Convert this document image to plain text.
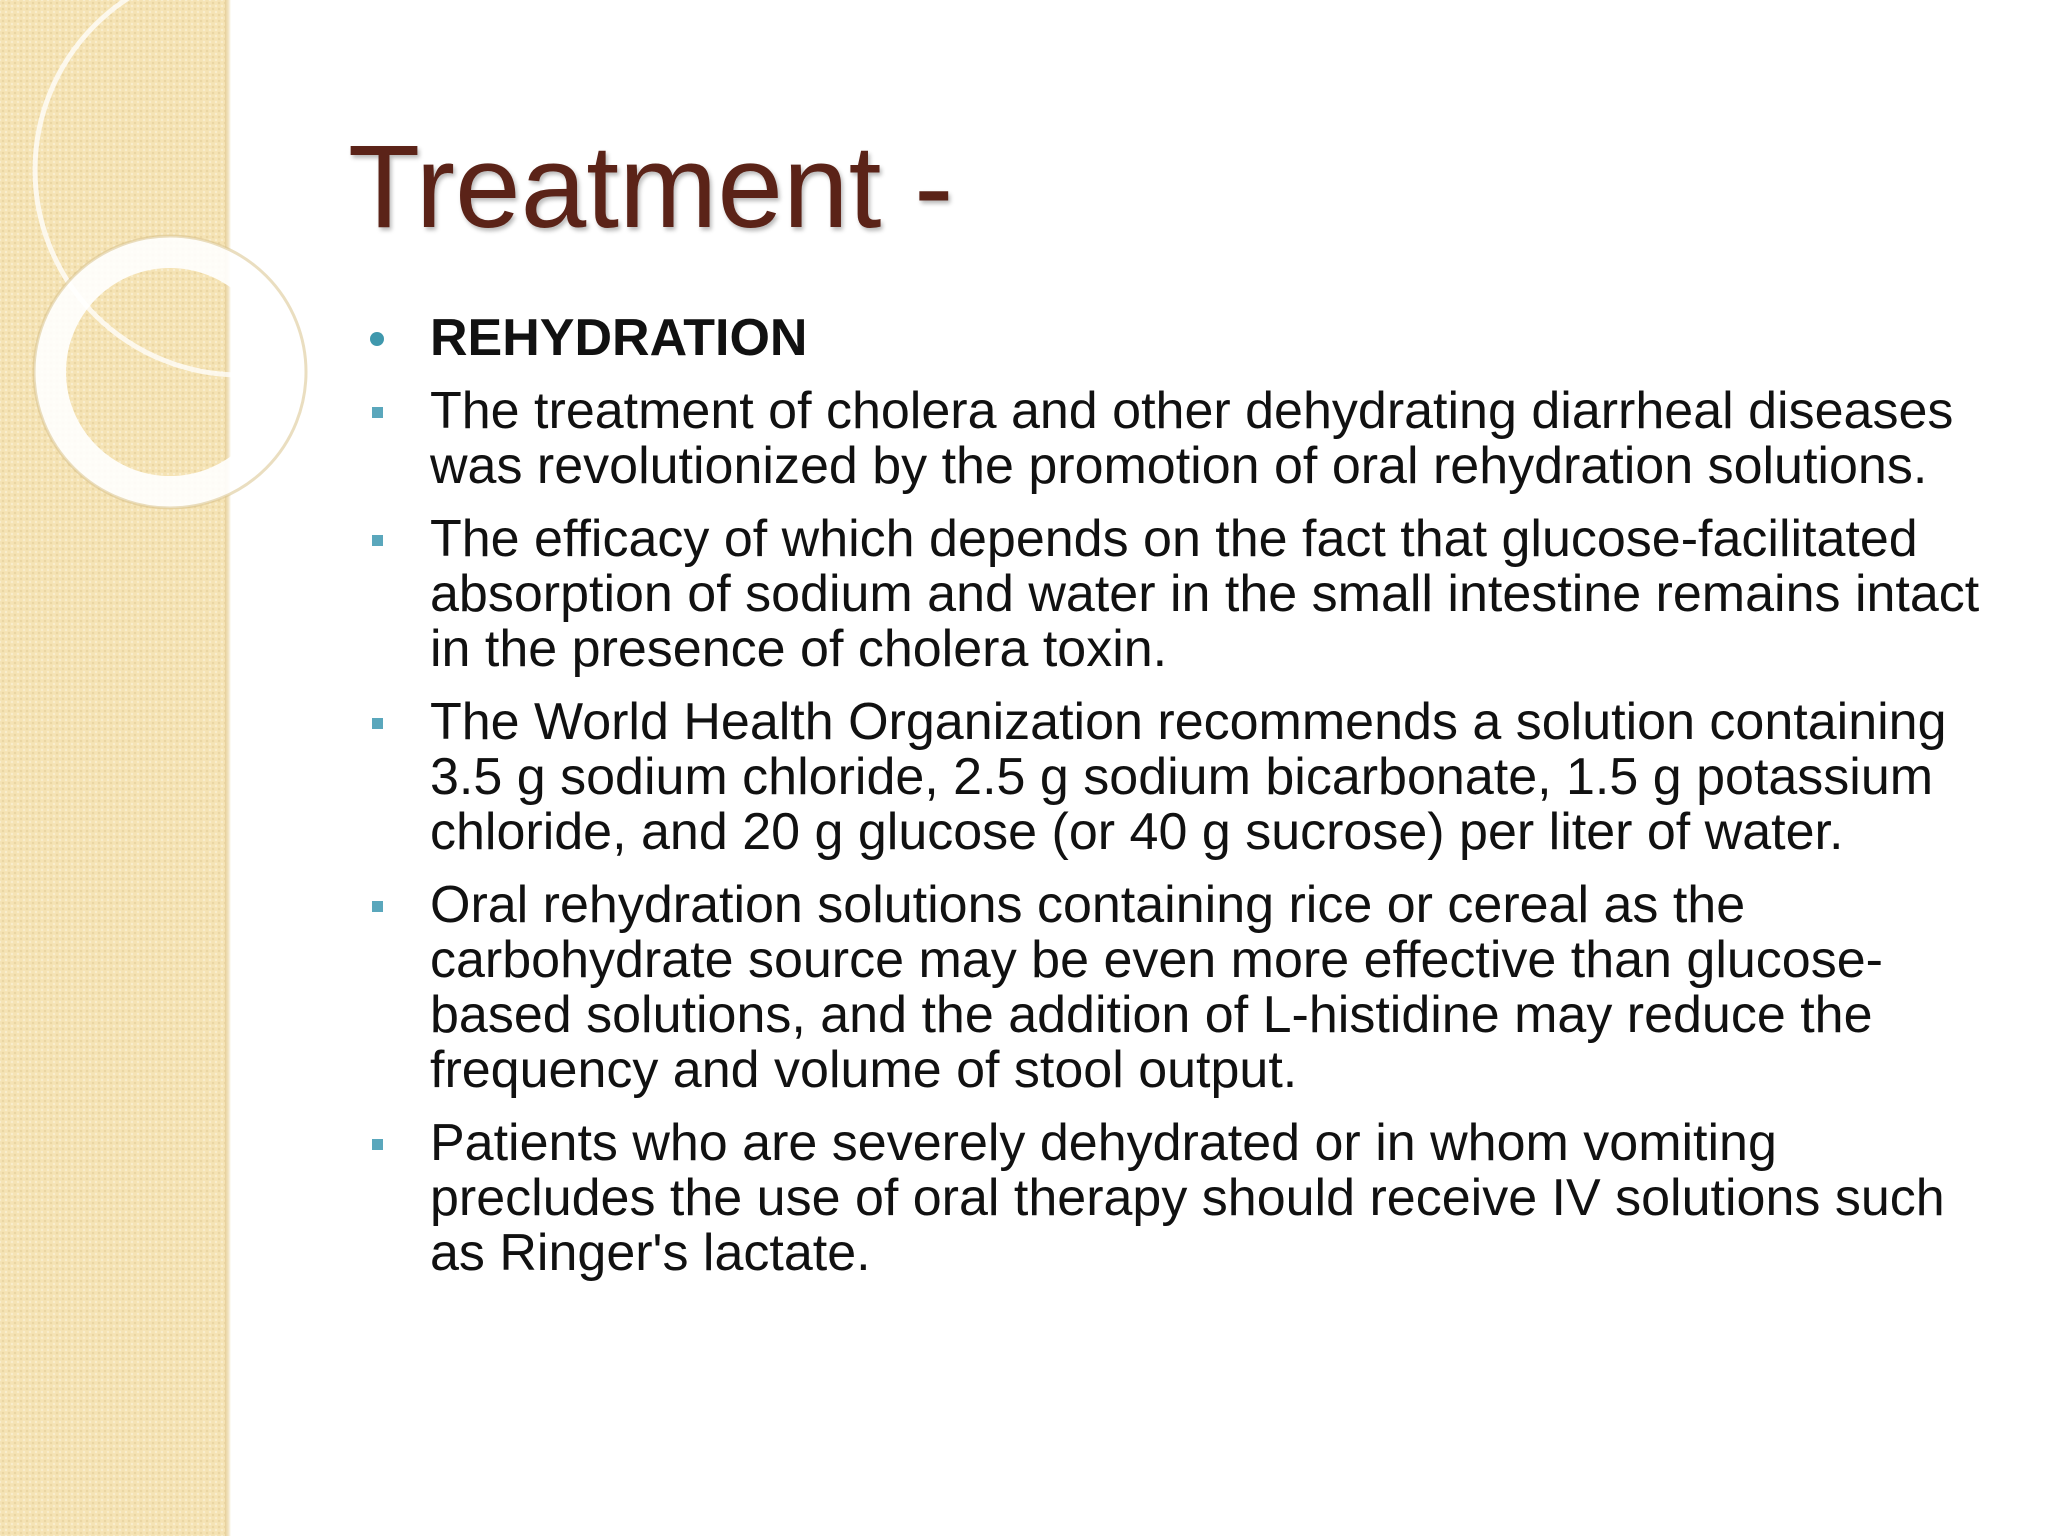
Treatment -
REHYDRATION
The treatment of cholera and other dehydrating diarrheal diseases was revolutionized by the promotion of oral rehydration solutions.
The efficacy of which depends on the fact that glucose-facilitated absorption of sodium and water in the small intestine remains intact in the presence of cholera toxin.
The World Health Organization recommends a solution containing 3.5 g sodium chloride, 2.5 g sodium bicarbonate, 1.5 g potassium chloride, and 20 g glucose (or 40 g sucrose) per liter of water.
Oral rehydration solutions containing rice or cereal as the carbohydrate source may be even more effective than glucose-based solutions, and the addition of L-histidine may reduce the frequency and volume of stool output.
Patients who are severely dehydrated or in whom vomiting precludes the use of oral therapy should receive IV solutions such as Ringer's lactate.
